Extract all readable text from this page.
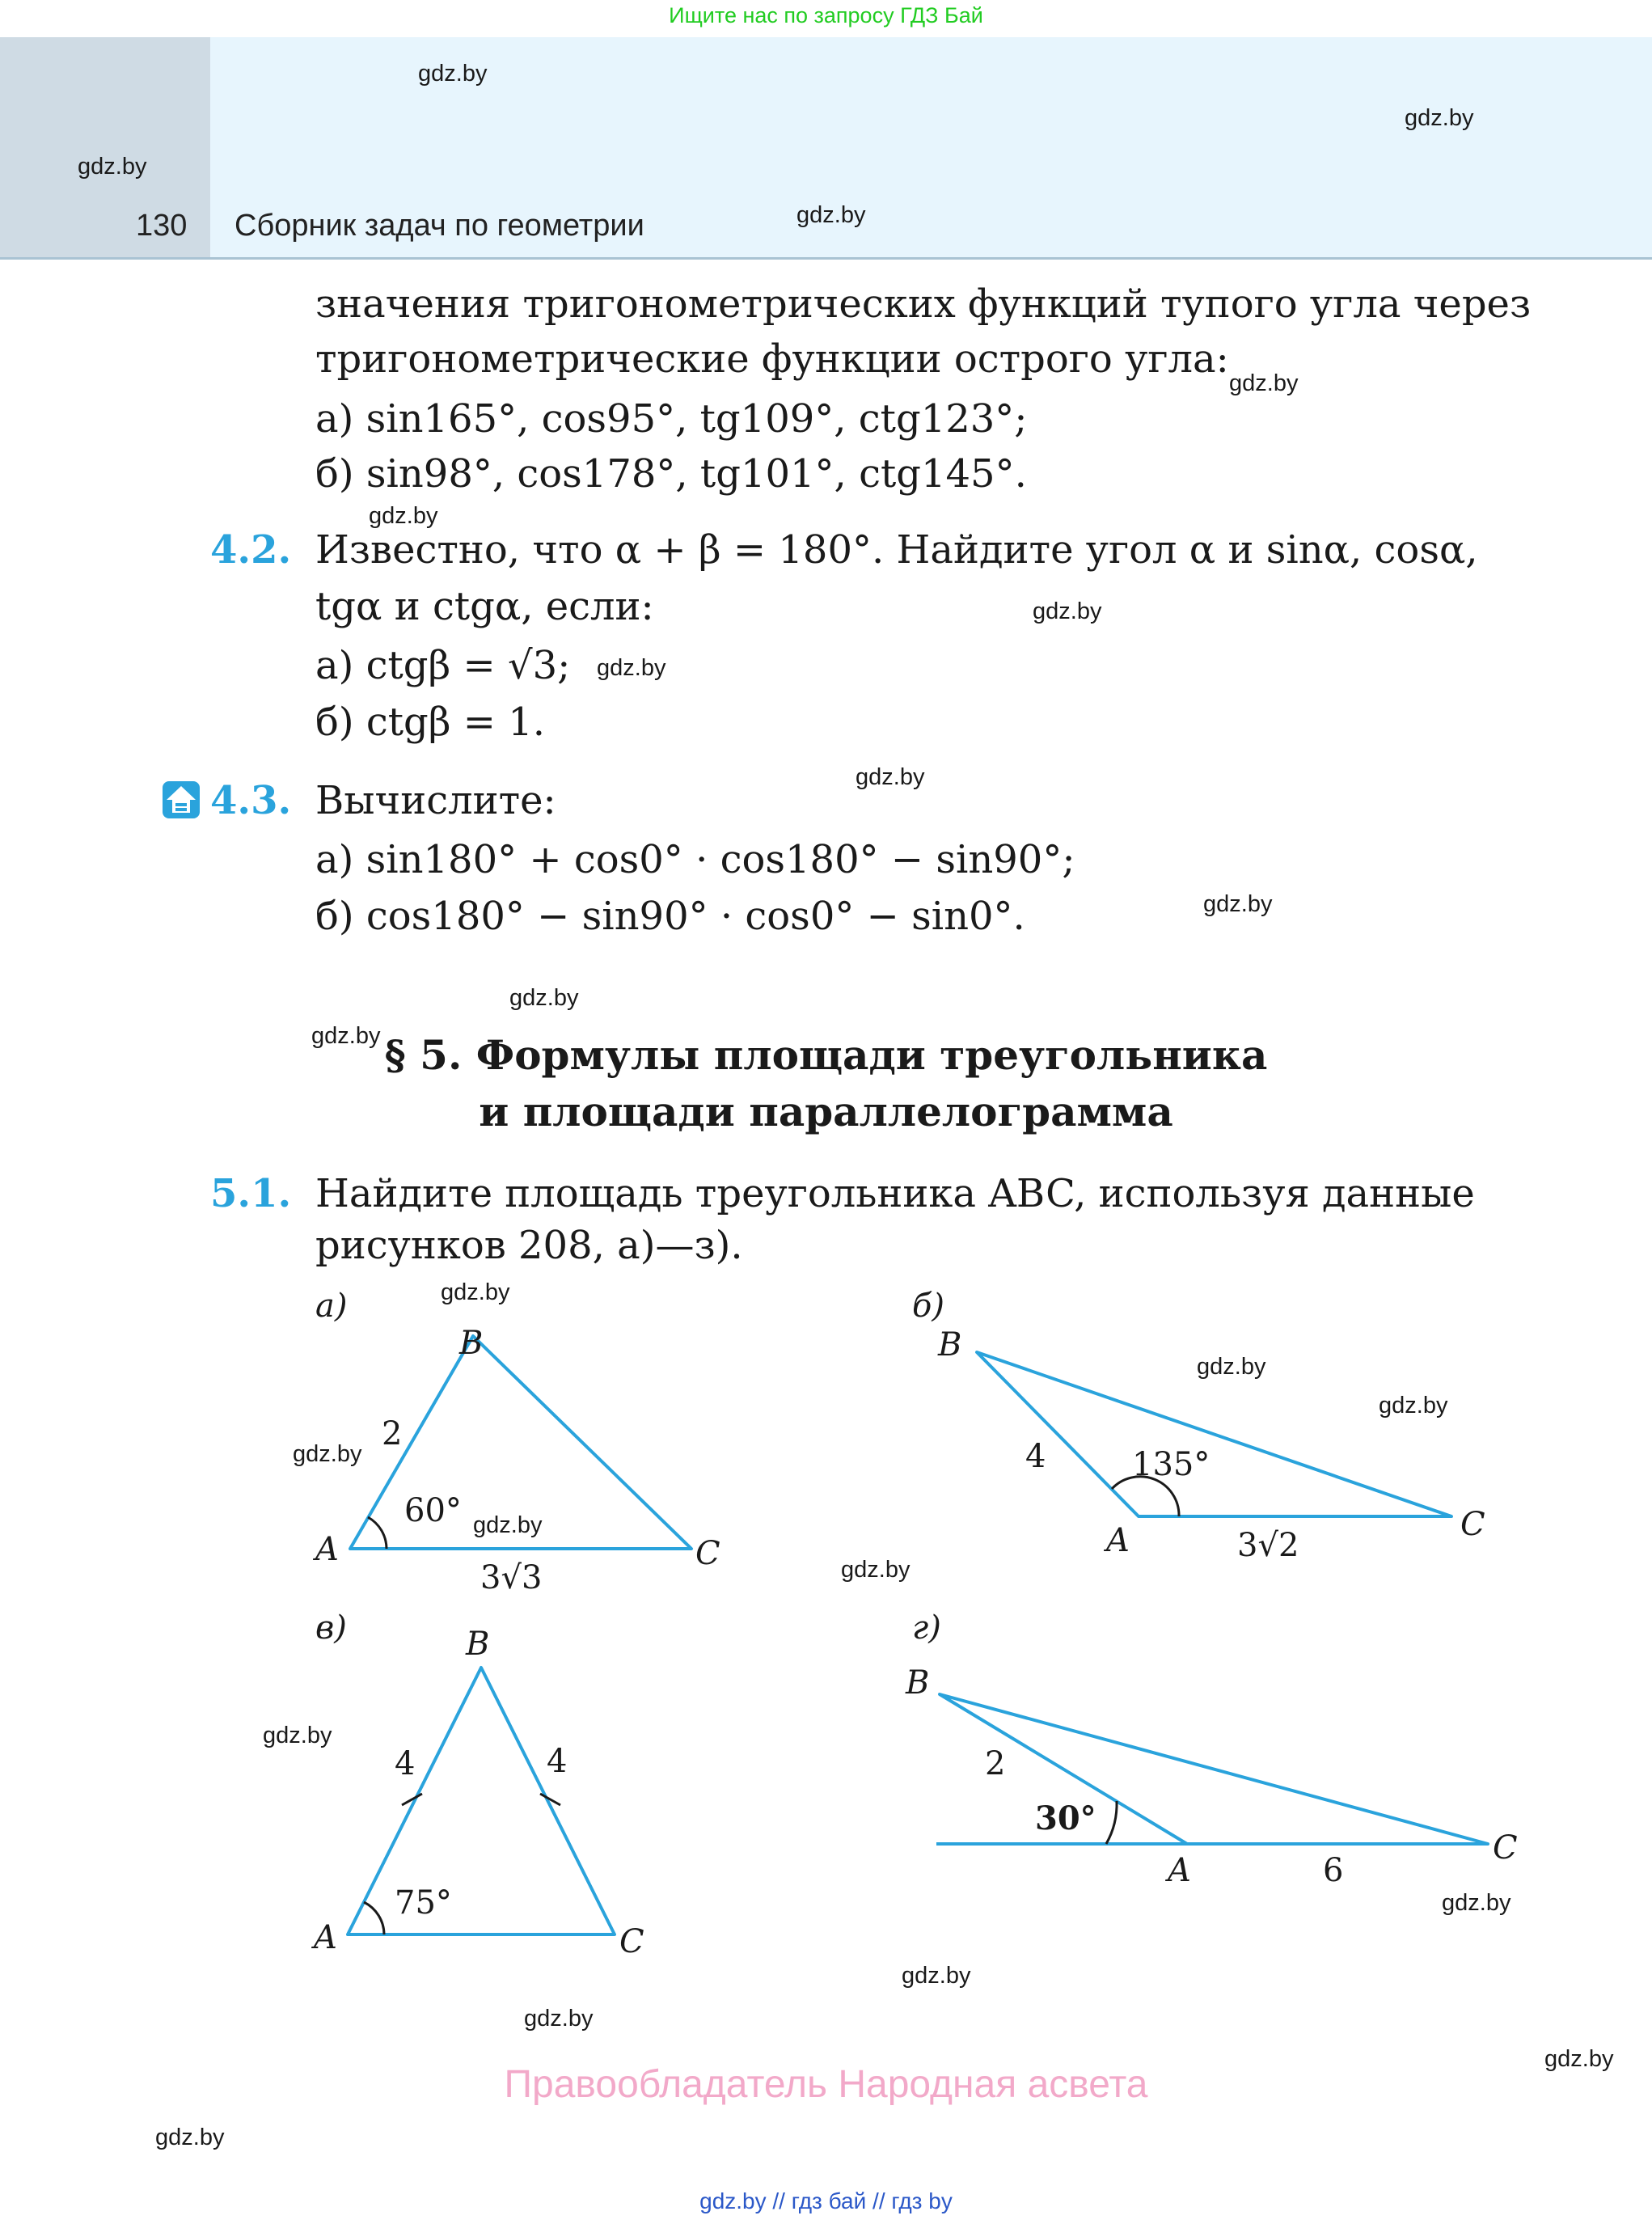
Ищите нас по запросу ГДЗ Бай
130 Сборник задач по геометрии
gdz.by
gdz.by
gdz.by
gdz.by
gdz.by
gdz.by
gdz.by
gdz.by
gdz.by
gdz.by
gdz.by
gdz.by
gdz.by
gdz.by
gdz.by
gdz.by
gdz.by
gdz.by
gdz.by
gdz.by
gdz.by
gdz.by
gdz.by
gdz.by
значения тригонометрических функций тупого угла через
тригонометрические функции острого угла:
а) sin165°, cos95°, tg109°, ctg123°;
б) sin98°, cos178°, tg101°, ctg145°.
4.2. Известно, что α + β = 180°. Найдите угол α и sinα, cosα,
tgα и ctgα, если:
а) ctgβ = √3;
б) ctgβ = 1.
4.3. Вычислите:
а) sin180° + cos0° · cos180° − sin90°;
б) cos180° − sin90° · cos0° − sin0°.
§ 5. Формулы площади треугольника
и площади параллелограмма
5.1. Найдите площадь треугольника ABC, используя данные
рисунков 208, а)—з).
а)
B
A	C
2
60°
3√3
б)
B
A	C
4	135°
3√2
в)	B
A	C
4	4
75°
г)
B
A
C
2
30°
6
Правообладатель Народная асвета
gdz.by // гдз бай // гдз by
